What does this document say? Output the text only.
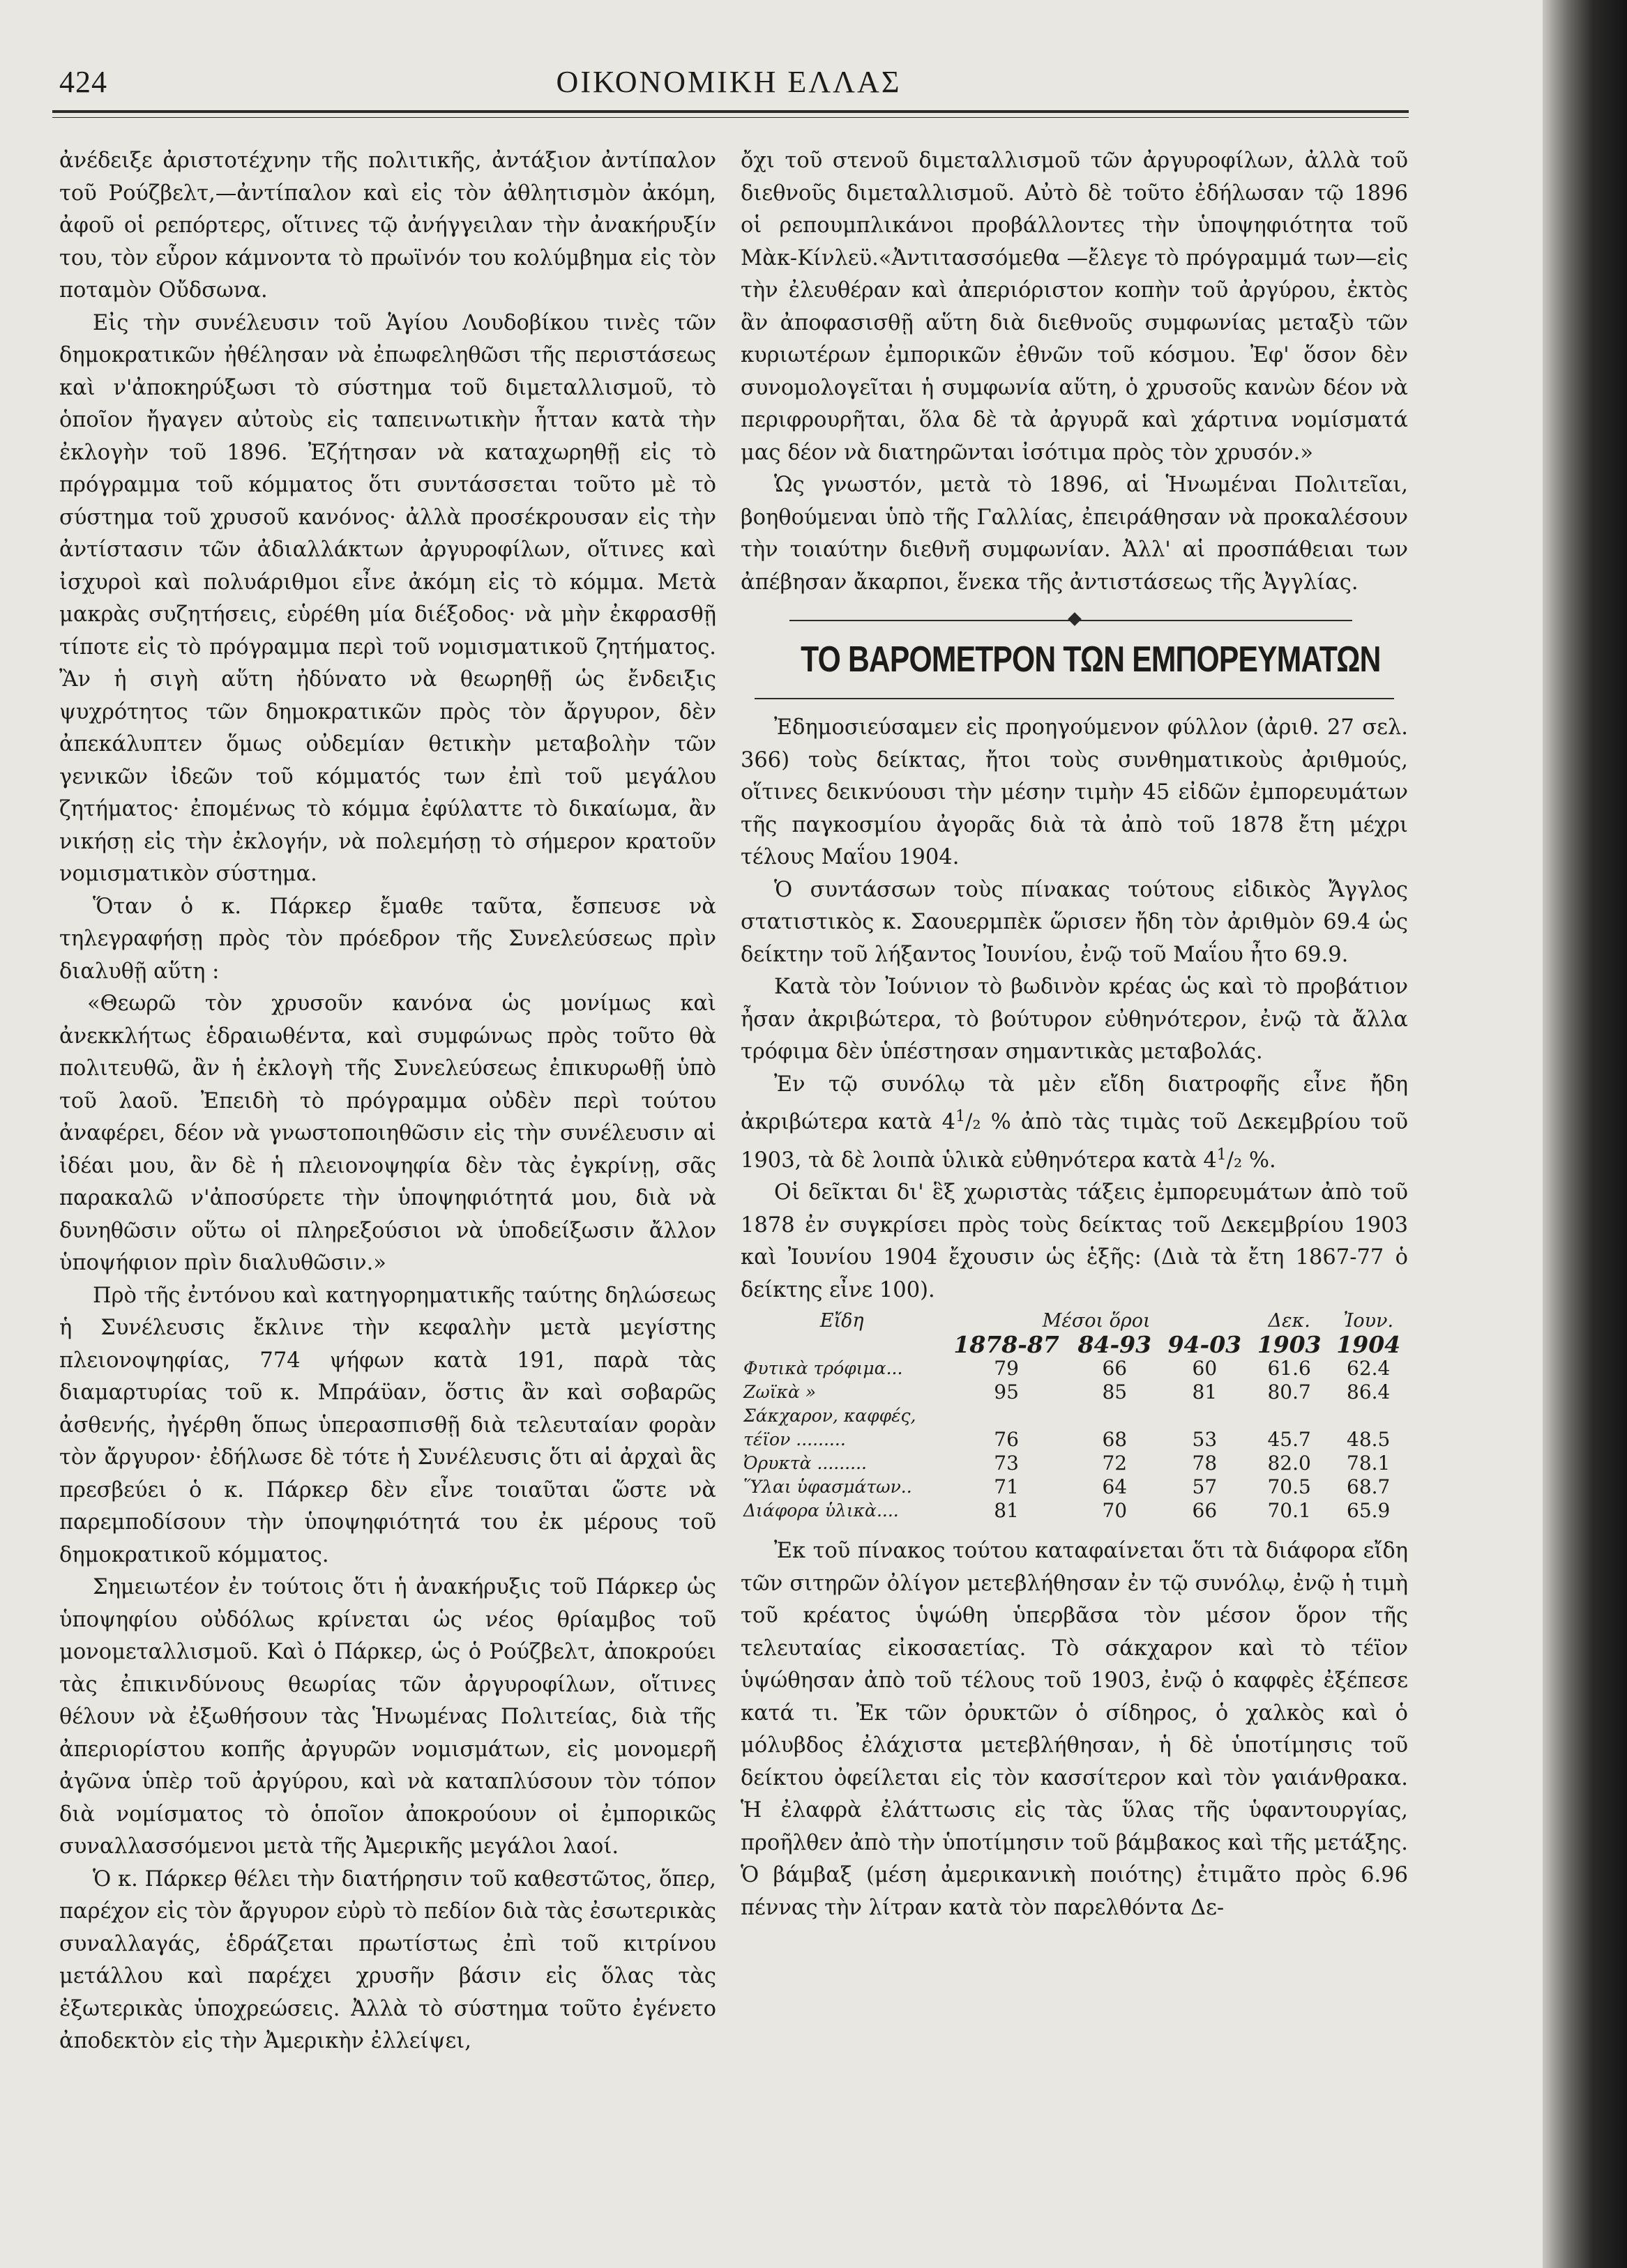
424	ΟΙΚΟΝΟΜΙΚΗ ΕΛΛΑΣ

ἀνέδειξε ἀριστοτέχνην τῆς πολιτικῆς, ἀντάξιον ἀντίπαλον τοῦ Ρούζβελτ,—ἀντίπαλον καὶ εἰς τὸν ἀθλητισμὸν ἀκόμη, ἀφοῦ οἱ ρεπόρτερς, οἵτινες τῷ ἀνήγγειλαν τὴν ἀνακήρυξίν του, τὸν εὗρον κάμνοντα τὸ πρωϊνόν του κολύμβημα εἰς τὸν ποταμὸν Οὔδσωνα.

Εἰς τὴν συνέλευσιν τοῦ Ἁγίου Λουδοβίκου τινὲς τῶν δημοκρατικῶν ἠθέλησαν νὰ ἐπωφεληθῶσι τῆς περιστάσεως καὶ ν'ἀποκηρύξωσι τὸ σύστημα τοῦ διμεταλλισμοῦ, τὸ ὁποῖον ἤγαγεν αὐτοὺς εἰς ταπεινωτικὴν ἧτταν κατὰ τὴν ἐκλογὴν τοῦ 1896. Ἐζήτησαν νὰ καταχωρηθῇ εἰς τὸ πρόγραμμα τοῦ κόμματος ὅτι συντάσσεται τοῦτο μὲ τὸ σύστημα τοῦ χρυσοῦ κανόνος· ἀλλὰ προσέκρουσαν εἰς τὴν ἀντίστασιν τῶν ἀδιαλλάκτων ἀργυροφίλων, οἵτινες καὶ ἰσχυροὶ καὶ πολυάριθμοι εἶνε ἀκόμη εἰς τὸ κόμμα. Μετὰ μακρὰς συζητήσεις, εὑρέθη μία διέξοδος· νὰ μὴν ἐκφρασθῇ τίποτε εἰς τὸ πρόγραμμα περὶ τοῦ νομισματικοῦ ζητήματος. Ἂν ἡ σιγὴ αὕτη ἠδύνατο νὰ θεωρηθῇ ὡς ἔνδειξις ψυχρότητος τῶν δημοκρατικῶν πρὸς τὸν ἄργυρον, δὲν ἀπεκάλυπτεν ὅμως οὐδεμίαν θετικὴν μεταβολὴν τῶν γενικῶν ἰδεῶν τοῦ κόμματός των ἐπὶ τοῦ μεγάλου ζητήματος· ἐπομένως τὸ κόμμα ἐφύλαττε τὸ δικαίωμα, ἂν νικήσῃ εἰς τὴν ἐκλογήν, νὰ πολεμήσῃ τὸ σήμερον κρατοῦν νομισματικὸν σύστημα.

Ὅταν ὁ κ. Πάρκερ ἔμαθε ταῦτα, ἔσπευσε νὰ τηλεγραφήσῃ πρὸς τὸν πρόεδρον τῆς Συνελεύσεως πρὶν διαλυθῇ αὕτη :

«Θεωρῶ τὸν χρυσοῦν κανόνα ὡς μονίμως καὶ ἀνεκκλήτως ἑδραιωθέντα, καὶ συμφώνως πρὸς τοῦτο θὰ πολιτευθῶ, ἂν ἡ ἐκλογὴ τῆς Συνελεύσεως ἐπικυρωθῇ ὑπὸ τοῦ λαοῦ. Ἐπειδὴ τὸ πρόγραμμα οὐδὲν περὶ τούτου ἀναφέρει, δέον νὰ γνωστοποιηθῶσιν εἰς τὴν συνέλευσιν αἱ ἰδέαι μου, ἂν δὲ ἡ πλειονοψηφία δὲν τὰς ἐγκρίνῃ, σᾶς παρακαλῶ ν'ἀποσύρετε τὴν ὑποψηφιότητά μου, διὰ νὰ δυνηθῶσιν οὕτω οἱ πληρεξούσιοι νὰ ὑποδείξωσιν ἄλλον ὑποψήφιον πρὶν διαλυθῶσιν.»

Πρὸ τῆς ἐντόνου καὶ κατηγορηματικῆς ταύτης δηλώσεως ἡ Συνέλευσις ἔκλινε τὴν κεφαλὴν μετὰ μεγίστης πλειονοψηφίας, 774 ψήφων κατὰ 191, παρὰ τὰς διαμαρτυρίας τοῦ κ. Μπράϋαν, ὅστις ἂν καὶ σοβαρῶς ἀσθενής, ἠγέρθη ὅπως ὑπερασπισθῇ διὰ τελευταίαν φορὰν τὸν ἄργυρον· ἐδήλωσε δὲ τότε ἡ Συνέλευσις ὅτι αἱ ἀρχαὶ ἃς πρεσβεύει ὁ κ. Πάρκερ δὲν εἶνε τοιαῦται ὥστε νὰ παρεμποδίσουν τὴν ὑποψηφιότητά του ἐκ μέρους τοῦ δημοκρατικοῦ κόμματος.

Σημειωτέον ἐν τούτοις ὅτι ἡ ἀνακήρυξις τοῦ Πάρκερ ὡς ὑποψηφίου οὐδόλως κρίνεται ὡς νέος θρίαμβος τοῦ μονομεταλλισμοῦ. Καὶ ὁ Πάρκερ, ὡς ὁ Ρούζβελτ, ἀποκρούει τὰς ἐπικινδύνους θεωρίας τῶν ἀργυροφίλων, οἵτινες θέλουν νὰ ἐξωθήσουν τὰς Ἡνωμένας Πολιτείας, διὰ τῆς ἀπεριορίστου κοπῆς ἀργυρῶν νομισμάτων, εἰς μονομερῆ ἀγῶνα ὑπὲρ τοῦ ἀργύρου, καὶ νὰ καταπλύσουν τὸν τόπον διὰ νομίσματος τὸ ὁποῖον ἀποκρούουν οἱ ἐμπορικῶς συναλλασσόμενοι μετὰ τῆς Ἀμερικῆς μεγάλοι λαοί.

Ὁ κ. Πάρκερ θέλει τὴν διατήρησιν τοῦ καθεστῶτος, ὅπερ, παρέχον εἰς τὸν ἄργυρον εὐρὺ τὸ πεδίον διὰ τὰς ἐσωτερικὰς συναλλαγάς, ἑδράζεται πρωτίστως ἐπὶ τοῦ κιτρίνου μετάλλου καὶ παρέχει χρυσῆν βάσιν εἰς ὅλας τὰς ἐξωτερικὰς ὑποχρεώσεις. Ἀλλὰ τὸ σύστημα τοῦτο ἐγένετο ἀποδεκτὸν εἰς τὴν Ἀμερικὴν ἐλλείψει,

ὄχι τοῦ στενοῦ διμεταλλισμοῦ τῶν ἀργυροφίλων, ἀλλὰ τοῦ διεθνοῦς διμεταλλισμοῦ. Αὐτὸ δὲ τοῦτο ἐδήλωσαν τῷ 1896 οἱ ρεπουμπλικάνοι προβάλλοντες τὴν ὑποψηφιότητα τοῦ Μὰκ-Κίνλεϋ.«Ἀντιτασσόμεθα —ἔλεγε τὸ πρόγραμμά των—εἰς τὴν ἐλευθέραν καὶ ἀπεριόριστον κοπὴν τοῦ ἀργύρου, ἐκτὸς ἂν ἀποφασισθῇ αὕτη διὰ διεθνοῦς συμφωνίας μεταξὺ τῶν κυριωτέρων ἐμπορικῶν ἐθνῶν τοῦ κόσμου. Ἐφ' ὅσον δὲν συνομολογεῖται ἡ συμφωνία αὕτη, ὁ χρυσοῦς κανὼν δέον νὰ περιφρουρῆται, ὅλα δὲ τὰ ἀργυρᾶ καὶ χάρτινα νομίσματά μας δέον νὰ διατηρῶνται ἰσότιμα πρὸς τὸν χρυσόν.»

Ὡς γνωστόν, μετὰ τὸ 1896, αἱ Ἡνωμέναι Πολιτεῖαι, βοηθούμεναι ὑπὸ τῆς Γαλλίας, ἐπειράθησαν νὰ προκαλέσουν τὴν τοιαύτην διεθνῆ συμφωνίαν. Ἀλλ' αἱ προσπάθειαι των ἀπέβησαν ἄκαρποι, ἕνεκα τῆς ἀντιστάσεως τῆς Ἀγγλίας.

ΤΟ ΒΑΡΟΜΕΤΡΟΝ ΤΩΝ ΕΜΠΟΡΕΥΜΑΤΩΝ

Ἐδημοσιεύσαμεν εἰς προηγούμενον φύλλον (ἀριθ. 27 σελ. 366) τοὺς δείκτας, ἤτοι τοὺς συνθηματικοὺς ἀριθμούς, οἵτινες δεικνύουσι τὴν μέσην τιμὴν 45 εἰδῶν ἐμπορευμάτων τῆς παγκοσμίου ἀγορᾶς διὰ τὰ ἀπὸ τοῦ 1878 ἔτη μέχρι τέλους Μαΐου 1904.

Ὁ συντάσσων τοὺς πίνακας τούτους εἰδικὸς Ἄγγλος στατιστικὸς κ. Σαουερμπὲκ ὥρισεν ἤδη τὸν ἀριθμὸν 69.4 ὡς δείκτην τοῦ λήξαντος Ἰουνίου, ἐνῷ τοῦ Μαΐου ἦτο 69.9.

Κατὰ τὸν Ἰούνιον τὸ βωδινὸν κρέας ὡς καὶ τὸ προβάτιον ἦσαν ἀκριβώτερα, τὸ βούτυρον εὐθηνότερον, ἐνῷ τὰ ἄλλα τρόφιμα δὲν ὑπέστησαν σημαντικὰς μεταβολάς.

Ἐν τῷ συνόλῳ τὰ μὲν εἴδη διατροφῆς εἶνε ἤδη ἀκριβώτερα κατὰ $4^1/_2$ % ἀπὸ τὰς τιμὰς τοῦ Δεκεμβρίου τοῦ 1903, τὰ δὲ λοιπὰ ὑλικὰ εὐθηνότερα κατὰ $4^1/_2$ %.

Οἱ δεῖκται δι' ἓξ χωριστὰς τάξεις ἐμπορευμάτων ἀπὸ τοῦ 1878 ἐν συγκρίσει πρὸς τοὺς δείκτας τοῦ Δεκεμβρίου 1903 καὶ Ἰουνίου 1904 ἔχουσιν ὡς ἑξῆς: (Διὰ τὰ ἔτη 1867-77 ὁ δείκτης εἶνε 100).

Εἴδη	Μέσοι ὅροι			Δεκ.	Ἰουν.
	1878-87	84-93	94-03	1903	1904
Φυτικὰ τρόφιμα...	79	66	60	61.6	62.4
Ζωϊκὰ »	95	85	81	80.7	86.4
Σάκχαρον, καφφές,					
τέϊον .........	76	68	53	45.7	48.5
Ὀρυκτὰ .........	73	72	78	82.0	78.1
Ὕλαι ὑφασμάτων..	71	64	57	70.5	68.7
Διάφορα ὑλικὰ....	81	70	66	70.1	65.9

Ἐκ τοῦ πίνακος τούτου καταφαίνεται ὅτι τὰ διάφορα εἴδη τῶν σιτηρῶν ὀλίγον μετεβλήθησαν ἐν τῷ συνόλῳ, ἐνῷ ἡ τιμὴ τοῦ κρέατος ὑψώθη ὑπερβᾶσα τὸν μέσον ὅρον τῆς τελευταίας εἰκοσαετίας. Τὸ σάκχαρον καὶ τὸ τέϊον ὑψώθησαν ἀπὸ τοῦ τέλους τοῦ 1903, ἐνῷ ὁ καφφὲς ἐξέπεσε κατά τι. Ἐκ τῶν ὀρυκτῶν ὁ σίδηρος, ὁ χαλκὸς καὶ ὁ μόλυβδος ἐλάχιστα μετεβλήθησαν, ἡ δὲ ὑποτίμησις τοῦ δείκτου ὀφείλεται εἰς τὸν κασσίτερον καὶ τὸν γαιάνθρακα. Ἡ ἐλαφρὰ ἐλάττωσις εἰς τὰς ὕλας τῆς ὑφαντουργίας, προῆλθεν ἀπὸ τὴν ὑποτίμησιν τοῦ βάμβακος καὶ τῆς μετάξης. Ὁ βάμβαξ (μέση ἀμερικανικὴ ποιότης) ἐτιμᾶτο πρὸς 6.96 πέννας τὴν λίτραν κατὰ τὸν παρελθόντα Δε-
